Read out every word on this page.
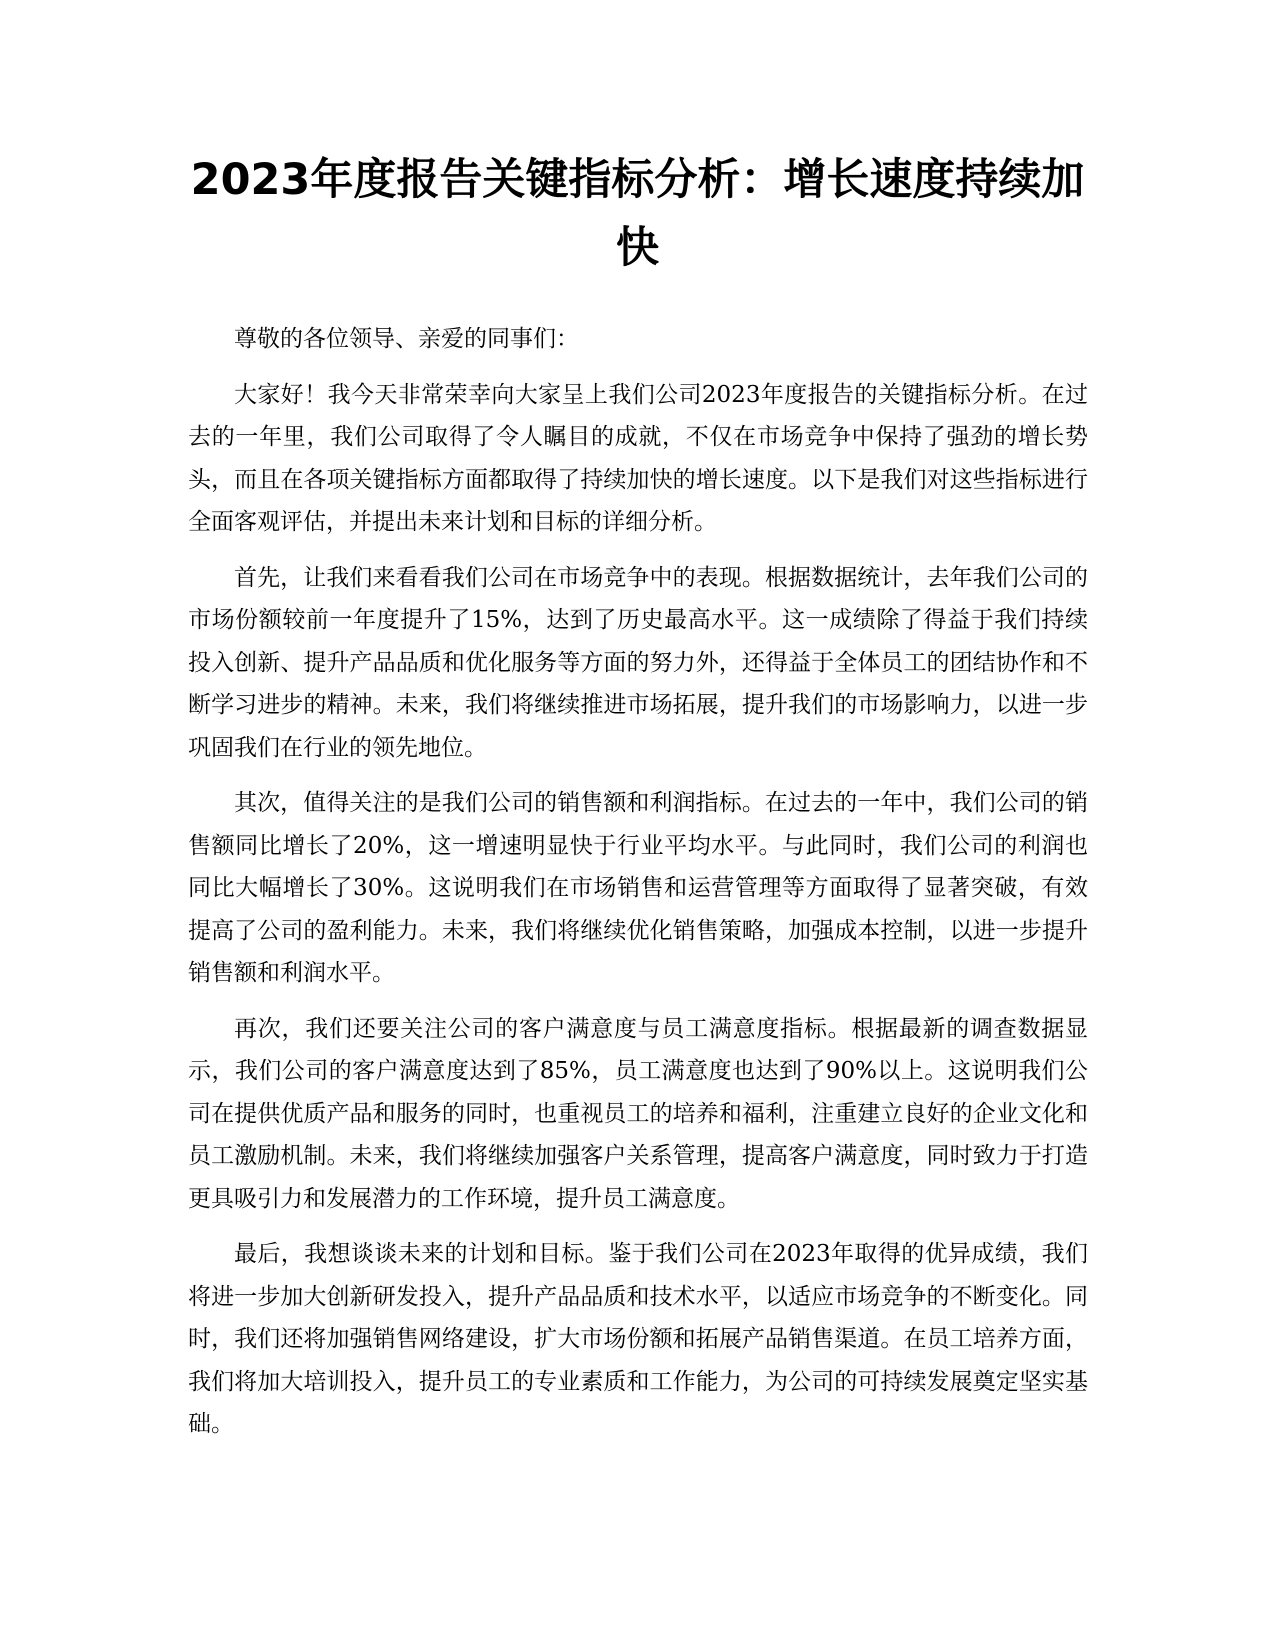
2023年度报告关键指标分析：增长速度持续加快

尊敬的各位领导、亲爱的同事们：

大家好！我今天非常荣幸向大家呈上我们公司2023年度报告的关键指标分析。在过去的一年里，我们公司取得了令人瞩目的成就，不仅在市场竞争中保持了强劲的增长势头，而且在各项关键指标方面都取得了持续加快的增长速度。以下是我们对这些指标进行全面客观评估，并提出未来计划和目标的详细分析。

首先，让我们来看看我们公司在市场竞争中的表现。根据数据统计，去年我们公司的市场份额较前一年度提升了15%，达到了历史最高水平。这一成绩除了得益于我们持续投入创新、提升产品品质和优化服务等方面的努力外，还得益于全体员工的团结协作和不断学习进步的精神。未来，我们将继续推进市场拓展，提升我们的市场影响力，以进一步巩固我们在行业的领先地位。

其次，值得关注的是我们公司的销售额和利润指标。在过去的一年中，我们公司的销售额同比增长了20%，这一增速明显快于行业平均水平。与此同时，我们公司的利润也同比大幅增长了30%。这说明我们在市场销售和运营管理等方面取得了显著突破，有效提高了公司的盈利能力。未来，我们将继续优化销售策略，加强成本控制，以进一步提升销售额和利润水平。

再次，我们还要关注公司的客户满意度与员工满意度指标。根据最新的调查数据显示，我们公司的客户满意度达到了85%，员工满意度也达到了90%以上。这说明我们公司在提供优质产品和服务的同时，也重视员工的培养和福利，注重建立良好的企业文化和员工激励机制。未来，我们将继续加强客户关系管理，提高客户满意度，同时致力于打造更具吸引力和发展潜力的工作环境，提升员工满意度。

最后，我想谈谈未来的计划和目标。鉴于我们公司在2023年取得的优异成绩，我们将进一步加大创新研发投入，提升产品品质和技术水平，以适应市场竞争的不断变化。同时，我们还将加强销售网络建设，扩大市场份额和拓展产品销售渠道。在员工培养方面，我们将加大培训投入，提升员工的专业素质和工作能力，为公司的可持续发展奠定坚实基础。
